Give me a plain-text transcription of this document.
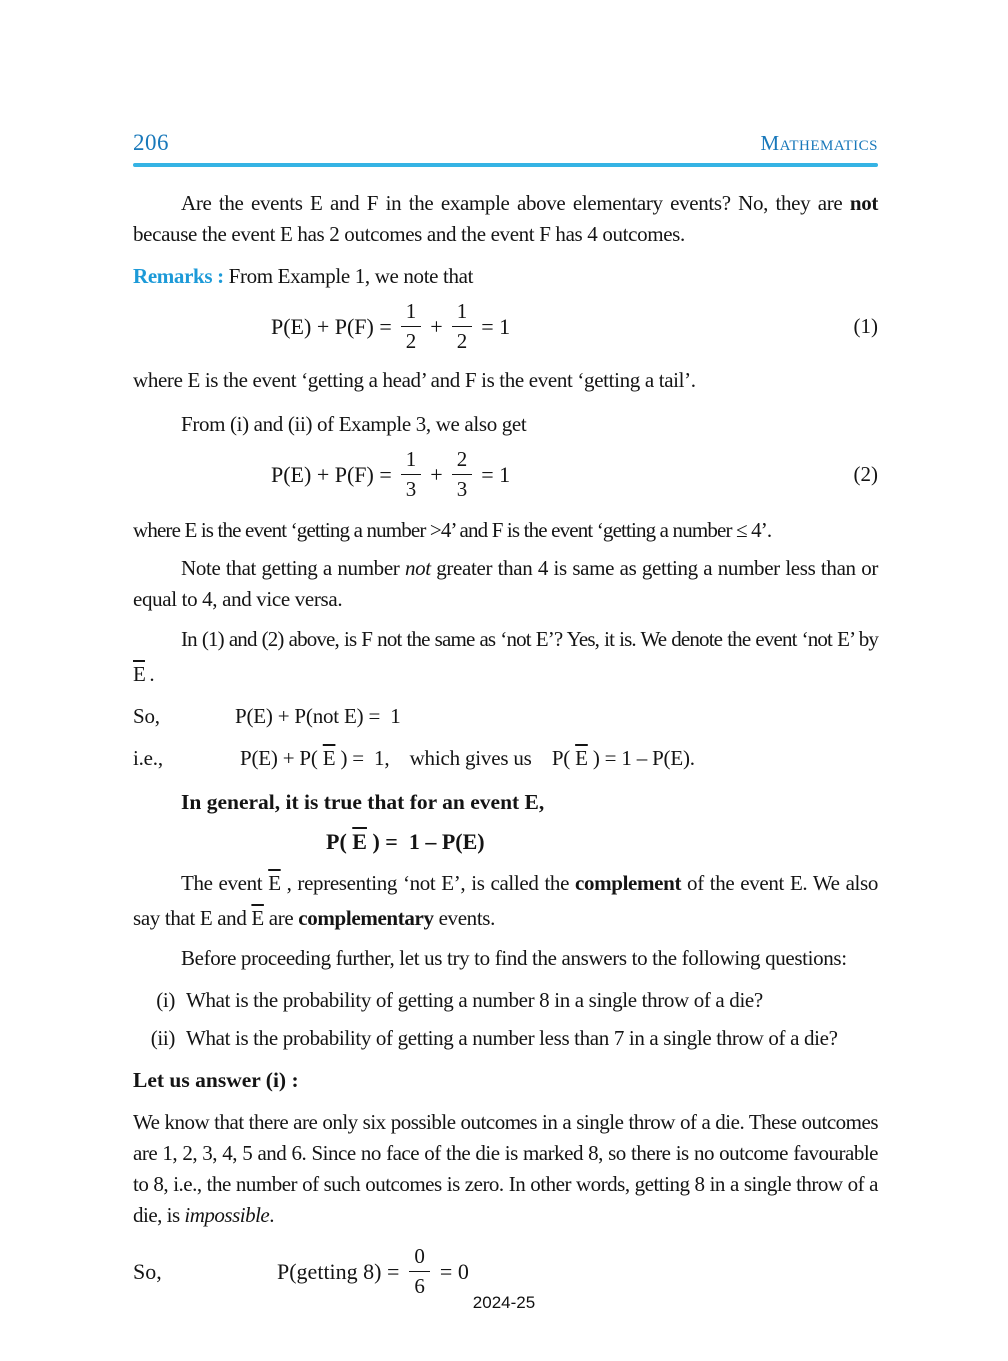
206	Mathematics

Are the events E and F in the example above elementary events? No, they are not because the event E has 2 outcomes and the event F has 4 outcomes.

Remarks : From Example 1, we note that

$P(E) + P(F) = \frac{1}{2} + \frac{1}{2} = 1$	(1)

where E is the event ‘getting a head’ and F is the event ‘getting a tail’.

From (i) and (ii) of Example 3, we also get

$P(E) + P(F) = \frac{1}{3} + \frac{2}{3} = 1$	(2)

where E is the event ‘getting a number >4’ and F is the event ‘getting a number ≤ 4’.

Note that getting a number not greater than 4 is same as getting a number less than or equal to 4, and vice versa.

In (1) and (2) above, is F not the same as ‘not E’? Yes, it is. We denote the event ‘not E’ by $\overline{E}$ .

So,	P(E) + P(not E) =  1
i.e.,	P(E) + P( $\overline{E}$ ) =  1,    which gives us    P( $\overline{E}$ ) = 1 – P(E).

In general, it is true that for an event E,

P( $\overline{E}$ ) =  1 – P(E)

The event $\overline{E}$ , representing ‘not E’, is called the complement of the event E. We also say that E and $\overline{E}$ are complementary events.

Before proceeding further, let us try to find the answers to the following questions:

(i) What is the probability of getting a number 8 in a single throw of a die?
(ii) What is the probability of getting a number less than 7 in a single throw of a die?

Let us answer (i) :

We know that there are only six possible outcomes in a single throw of a die. These outcomes are 1, 2, 3, 4, 5 and 6. Since no face of the die is marked 8, so there is no outcome favourable to 8, i.e., the number of such outcomes is zero. In other words, getting 8 in a single throw of a die, is impossible.

So,	P(getting $8) = \frac{0}{6} = 0$
2024-25
